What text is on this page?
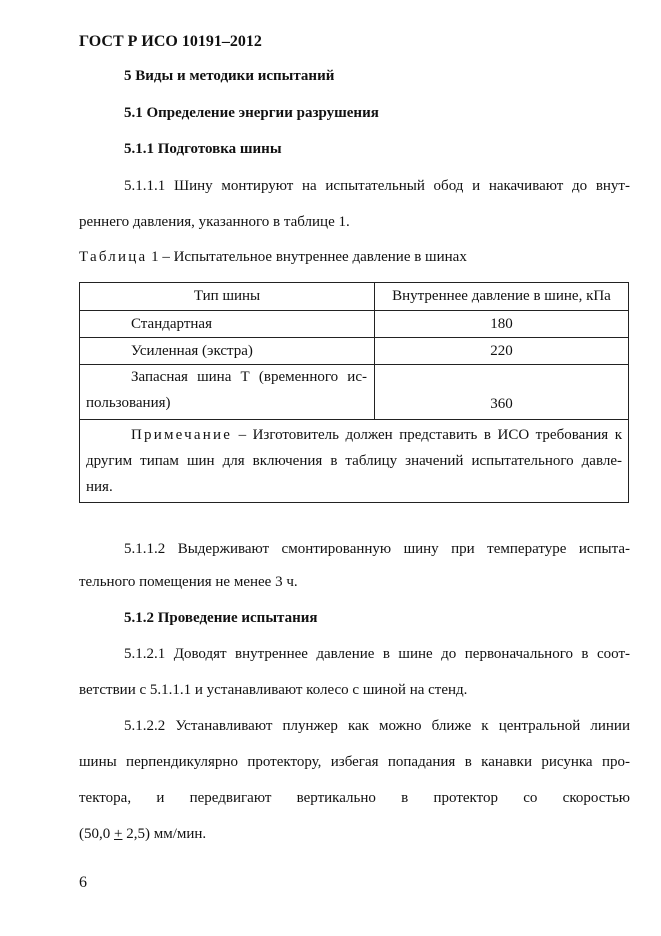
ГОСТ Р ИСО 10191–2012
5 Виды и методики испытаний
5.1 Определение энергии разрушения
5.1.1 Подготовка шины
5.1.1.1 Шину монтируют на испытательный обод и накачивают до внут-
реннего давления, указанного в таблице 1.
Таблица 1 – Испытательное внутреннее давление в шинах
Тип шины	Внутреннее давление в шине, кПа
Стандартная	180
Усиленная (экстра)	220

Запасная шина Т (временного ис-
пользования)	360

Примечание – Изготовитель должен представить в ИСО требования к
другим типам шин для включения в таблицу значений испытательного давле-
ния.	
5.1.1.2 Выдерживают смонтированную шину при температуре испыта-
тельного помещения не менее 3 ч.
5.1.2 Проведение испытания
5.1.2.1 Доводят внутреннее давление в шине до первоначального в соот-
ветствии с 5.1.1.1 и устанавливают колесо с шиной на стенд.
5.1.2.2 Устанавливают плунжер как можно ближе к центральной линии
шины перпендикулярно протектору, избегая попадания в канавки рисунка про-
тектора, и передвигают вертикально в протектор со скоростью
(50,0 + 2,5) мм/мин.
6
